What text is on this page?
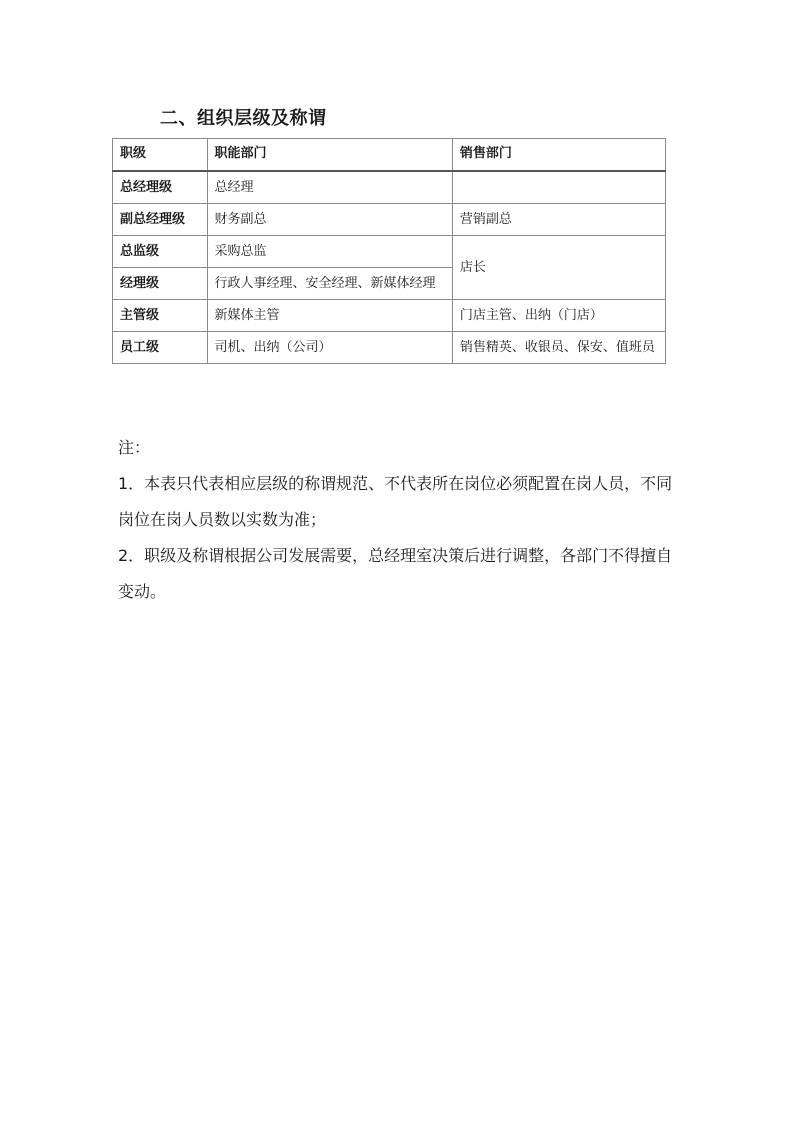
二、组织层级及称谓
职级	职能部门	销售部门
总经理级	总经理	
副总经理级	财务副总	营销副总
总监级	采购总监	店长
经理级	行政人事经理、安全经理、新媒体经理	
主管级	新媒体主管	门店主管、出纳（门店）
员工级	司机、出纳（公司）	销售精英、收银员、保安、值班员

注：

1．本表只代表相应层级的称谓规范、不代表所在岗位必须配置在岗人员，不同岗位在岗人员数以实数为准；

2．职级及称谓根据公司发展需要，总经理室决策后进行调整，各部门不得擅自变动。
